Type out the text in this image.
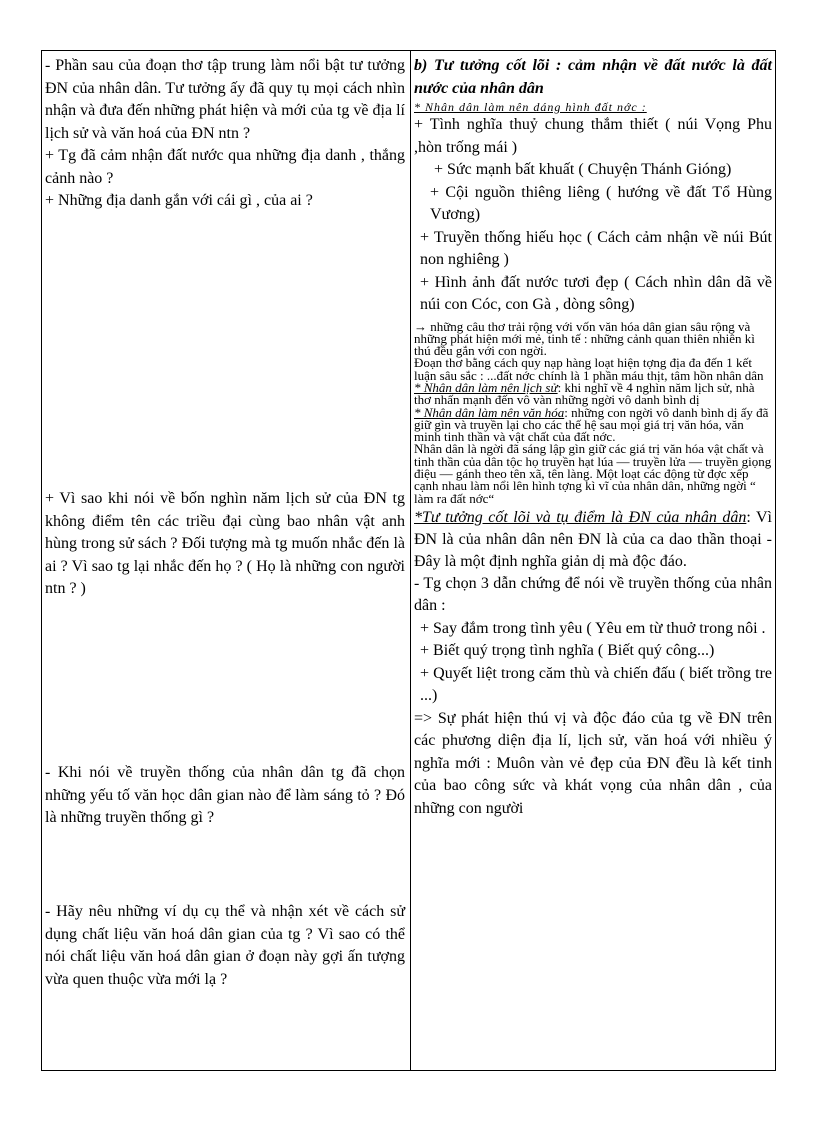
- Phần sau của đoạn thơ tập trung làm nổi bật tư tưởng ĐN của nhân dân. Tư tưởng ấy đã quy tụ mọi cách nhìn nhận và đưa đến những phát hiện và mới của tg về địa lí lịch sử và văn hoá của ĐN ntn ?

+ Tg đã cảm nhận đất nước qua những địa danh , thắng cảnh nào ?

+ Những địa danh gắn với cái gì , của ai ?

+ Vì sao khi nói về bốn nghìn năm lịch sử của ĐN tg không điểm tên các triều đại cùng bao nhân vật anh hùng trong sử sách ? Đối tượng mà tg muốn nhắc đến là ai ? Vì sao tg lại nhắc đến họ ? ( Họ là những con người ntn ? )

- Khi nói về truyền thống của nhân dân tg đã chọn những yếu tố văn học dân gian nào để làm sáng tỏ ? Đó là những truyền thống gì ?

- Hãy nêu những ví dụ cụ thể và nhận xét về cách sử dụng chất liệu văn hoá dân gian của tg ? Vì sao có thể nói chất liệu văn hoá dân gian ở đoạn này gợi ấn tượng vừa quen thuộc vừa mới lạ ?

b) Tư tưởng cốt lõi : cảm nhận về đất nước là đất nước của nhân dân

* Nhân dân làm nên dáng hình đất nớc :

+ Tình nghĩa thuỷ chung thắm thiết ( núi Vọng Phu ,hòn trống mái )

+ Sức mạnh bất khuất ( Chuyện Thánh Gióng)

+ Cội nguồn thiêng liêng ( hướng về đất Tổ Hùng Vương)

+ Truyền thống hiếu học ( Cách cảm nhận về núi Bút non nghiêng )

+ Hình ảnh đất nước tươi đẹp ( Cách nhìn dân dã về núi con Cóc, con Gà , dòng sông)

→ những câu thơ trải rộng với vốn văn hóa dân gian sâu rộng và những phát hiện mới mẻ, tinh tế : những cảnh quan thiên nhiên kì thú đều gắn với con ngời.

Đoạn thơ bằng cách quy nạp hàng loạt hiện tợng địa đa đến 1 kết luận sâu sắc : ...đất nớc chính là 1 phần máu thịt, tâm hồn nhân dân

* Nhân dân làm nên lịch sử: khi nghĩ về 4 nghìn năm lịch sử, nhà thơ nhấn mạnh đến vô vàn những ngời vô danh bình dị

* Nhân dân làm nên văn hóa: những con ngời vô danh bình dị ấy đã giữ gìn và truyền lại cho các thế hệ sau mọi giá trị văn hóa, văn minh tinh thần và vật chất của đất nớc.

Nhân dân là ngời đã sáng lập gìn giữ các giá trị văn hóa vật chất và tinh thần của dân tộc họ truyền hạt lúa — truyền lửa — truyền giọng điệu — gánh theo tên xã, tên làng. Một loạt các động từ đợc xếp cạnh nhau làm nổi lên hình tợng kì vĩ của nhân dân, những ngời “ làm ra đất nớc“

*Tư tưởng cốt lõi và tụ điểm là ĐN của nhân dân: Vì ĐN là của nhân dân nên ĐN là của ca dao thần thoại - Đây là một định nghĩa giản dị mà độc đáo.

- Tg chọn 3 dẫn chứng để nói về truyền thống của nhân dân :

+ Say đắm trong tình yêu ( Yêu em từ thuở trong nôi .

+ Biết quý trọng tình nghĩa ( Biết quý công...)

+ Quyết liệt trong căm thù và chiến đấu ( biết trồng tre ...)

=> Sự phát hiện thú vị và độc đáo của tg về ĐN trên các phương diện địa lí, lịch sử, văn hoá với nhiều ý nghĩa mới : Muôn vàn vẻ đẹp của ĐN đều là kết tinh của bao công sức và khát vọng của nhân dân , của những con người
